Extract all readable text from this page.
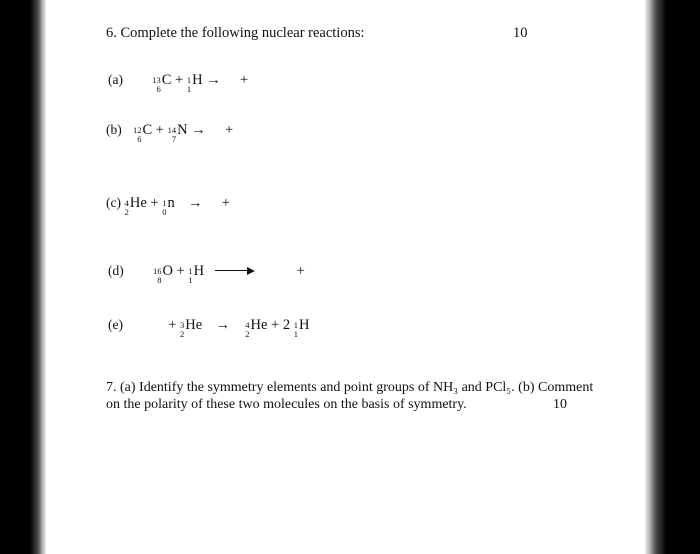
6. Complete the following nuclear reactions:	10
(a)	13
6
C + 1
1
H → +
(b) 12
6
C + 14
7
N → +
(c) 4
2
He + 1
0
n → +
(d)	16
8
O + 1
1
H	+
(e)	+ 3
2
He → 4
2
He + 2 1
1
H
7. (a) Identify the symmetry elements and point groups of NH₃ and PCl₅. (b) Comment
on the polarity of these two molecules on the basis of symmetry.	10
